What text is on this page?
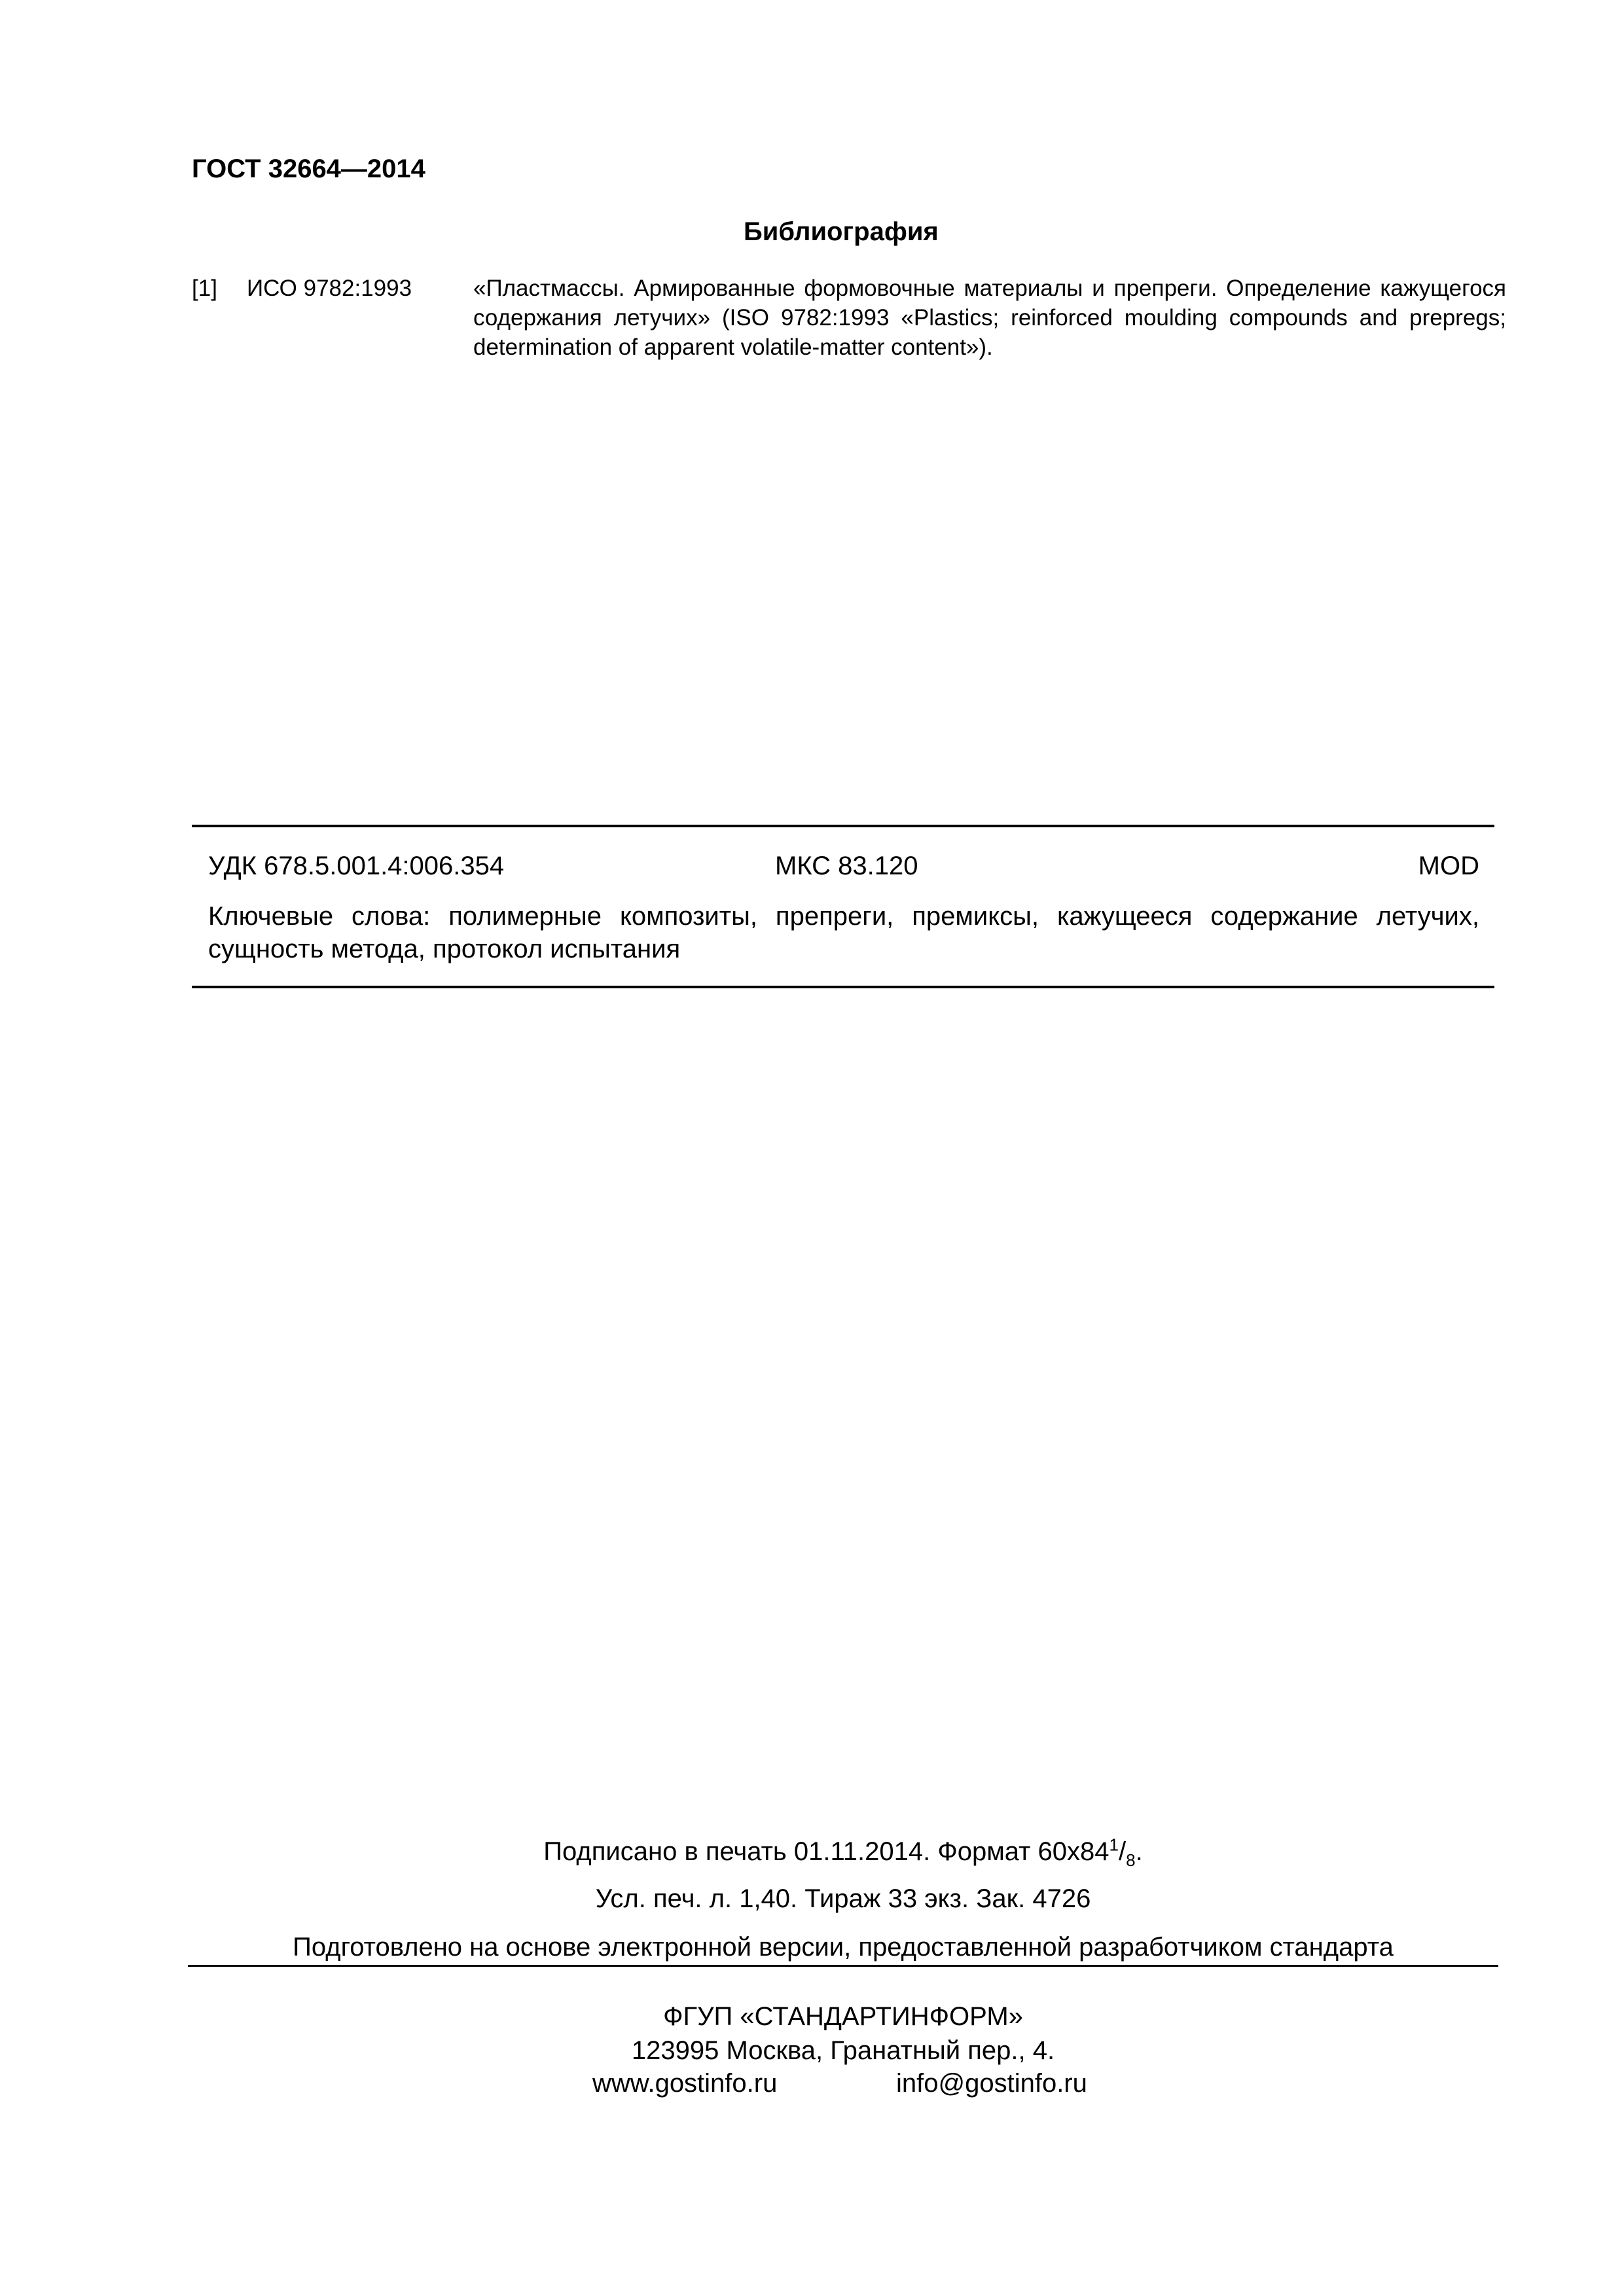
ГОСТ 32664—2014
Библиография
[1] ИСО 9782:1993	«Пластмассы. Армированные формовочные материалы и препреги. Определение кажущегося содержания летучих» (ISO 9782:1993 «Plastics; reinforced moulding compounds and prepregs; determination of apparent volatile-matter content»).
УДК 678.5.001.4:006.354	МКС 83.120	MOD
Ключевые слова: полимерные композиты, препреги, премиксы, кажущееся содержание летучих, сущность метода, протокол испытания
Подписано в печать 01.11.2014. Формат $60х84^1/_8$.
Усл. печ. л. 1,40. Тираж 33 экз. Зак. 4726
Подготовлено на основе электронной версии, предоставленной разработчиком стандарта
ФГУП «СТАНДАРТИНФОРМ»
123995 Москва, Гранатный пер., 4.
www.gostinfo.ru	info@gostinfo.ru
